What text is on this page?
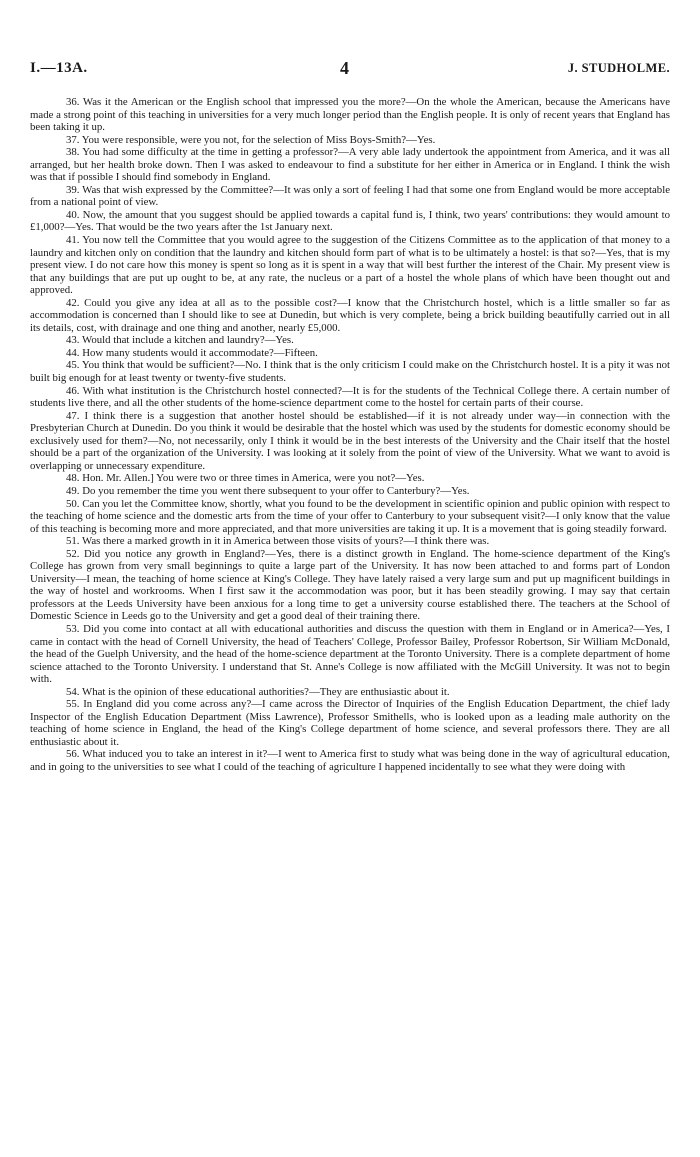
I.—13A.	4	J. STUDHOLME.

36. Was it the American or the English school that impressed you the more?—On the whole the American, because the Americans have made a strong point of this teaching in universities for a very much longer period than the English people. It is only of recent years that England has been taking it up.

37. You were responsible, were you not, for the selection of Miss Boys-Smith?—Yes.

38. You had some difficulty at the time in getting a professor?—A very able lady undertook the appointment from America, and it was all arranged, but her health broke down. Then I was asked to endeavour to find a substitute for her either in America or in England. I think the wish was that if possible I should find somebody in England.

39. Was that wish expressed by the Committee?—It was only a sort of feeling I had that some one from England would be more acceptable from a national point of view.

40. Now, the amount that you suggest should be applied towards a capital fund is, I think, two years' contributions: they would amount to £1,000?—Yes. That would be the two years after the 1st January next.

41. You now tell the Committee that you would agree to the suggestion of the Citizens Committee as to the application of that money to a laundry and kitchen only on condition that the laundry and kitchen should form part of what is to be ultimately a hostel: is that so?—Yes, that is my present view. I do not care how this money is spent so long as it is spent in a way that will best further the interest of the Chair. My present view is that any buildings that are put up ought to be, at any rate, the nucleus or a part of a hostel the whole plans of which have been thought out and approved.

42. Could you give any idea at all as to the possible cost?—I know that the Christchurch hostel, which is a little smaller so far as accommodation is concerned than I should like to see at Dunedin, but which is very complete, being a brick building beautifully carried out in all its details, cost, with drainage and one thing and another, nearly £5,000.

43. Would that include a kitchen and laundry?—Yes.

44. How many students would it accommodate?—Fifteen.

45. You think that would be sufficient?—No. I think that is the only criticism I could make on the Christchurch hostel. It is a pity it was not built big enough for at least twenty or twenty-five students.

46. With what institution is the Christchurch hostel connected?—It is for the students of the Technical College there. A certain number of students live there, and all the other students of the home-science department come to the hostel for certain parts of their course.

47. I think there is a suggestion that another hostel should be established—if it is not already under way—in connection with the Presbyterian Church at Dunedin. Do you think it would be desirable that the hostel which was used by the students for domestic economy should be exclusively used for them?—No, not necessarily, only I think it would be in the best interests of the University and the Chair itself that the hostel should be a part of the organization of the University. I was looking at it solely from the point of view of the University. What we want to avoid is overlapping or unnecessary expenditure.

48. Hon. Mr. Allen.] You were two or three times in America, were you not?—Yes.

49. Do you remember the time you went there subsequent to your offer to Canterbury?—Yes.

50. Can you let the Committee know, shortly, what you found to be the development in scientific opinion and public opinion with respect to the teaching of home science and the domestic arts from the time of your offer to Canterbury to your subsequent visit?—I only know that the value of this teaching is becoming more and more appreciated, and that more universities are taking it up. It is a movement that is going steadily forward.

51. Was there a marked growth in it in America between those visits of yours?—I think there was.

52. Did you notice any growth in England?—Yes, there is a distinct growth in England. The home-science department of the King's College has grown from very small beginnings to quite a large part of the University. It has now been attached to and forms part of London University—I mean, the teaching of home science at King's College. They have lately raised a very large sum and put up magnificent buildings in the way of hostel and workrooms. When I first saw it the accommodation was poor, but it has been steadily growing. I may say that certain professors at the Leeds University have been anxious for a long time to get a university course established there. The teachers at the School of Domestic Science in Leeds go to the University and get a good deal of their training there.

53. Did you come into contact at all with educational authorities and discuss the question with them in England or in America?—Yes, I came in contact with the head of Cornell University, the head of Teachers' College, Professor Bailey, Professor Robertson, Sir William McDonald, the head of the Guelph University, and the head of the home-science department at the Toronto University. There is a complete department of home science attached to the Toronto University. I understand that St. Anne's College is now affiliated with the McGill University. It was not to begin with.

54. What is the opinion of these educational authorities?—They are enthusiastic about it.

55. In England did you come across any?—I came across the Director of Inquiries of the English Education Department, the chief lady Inspector of the English Education Department (Miss Lawrence), Professor Smithells, who is looked upon as a leading male authority on the teaching of home science in England, the head of the King's College department of home science, and several professors there. They are all enthusiastic about it.

56. What induced you to take an interest in it?—I went to America first to study what was being done in the way of agricultural education, and in going to the universities to see what I could of the teaching of agriculture I happened incidentally to see what they were doing with
